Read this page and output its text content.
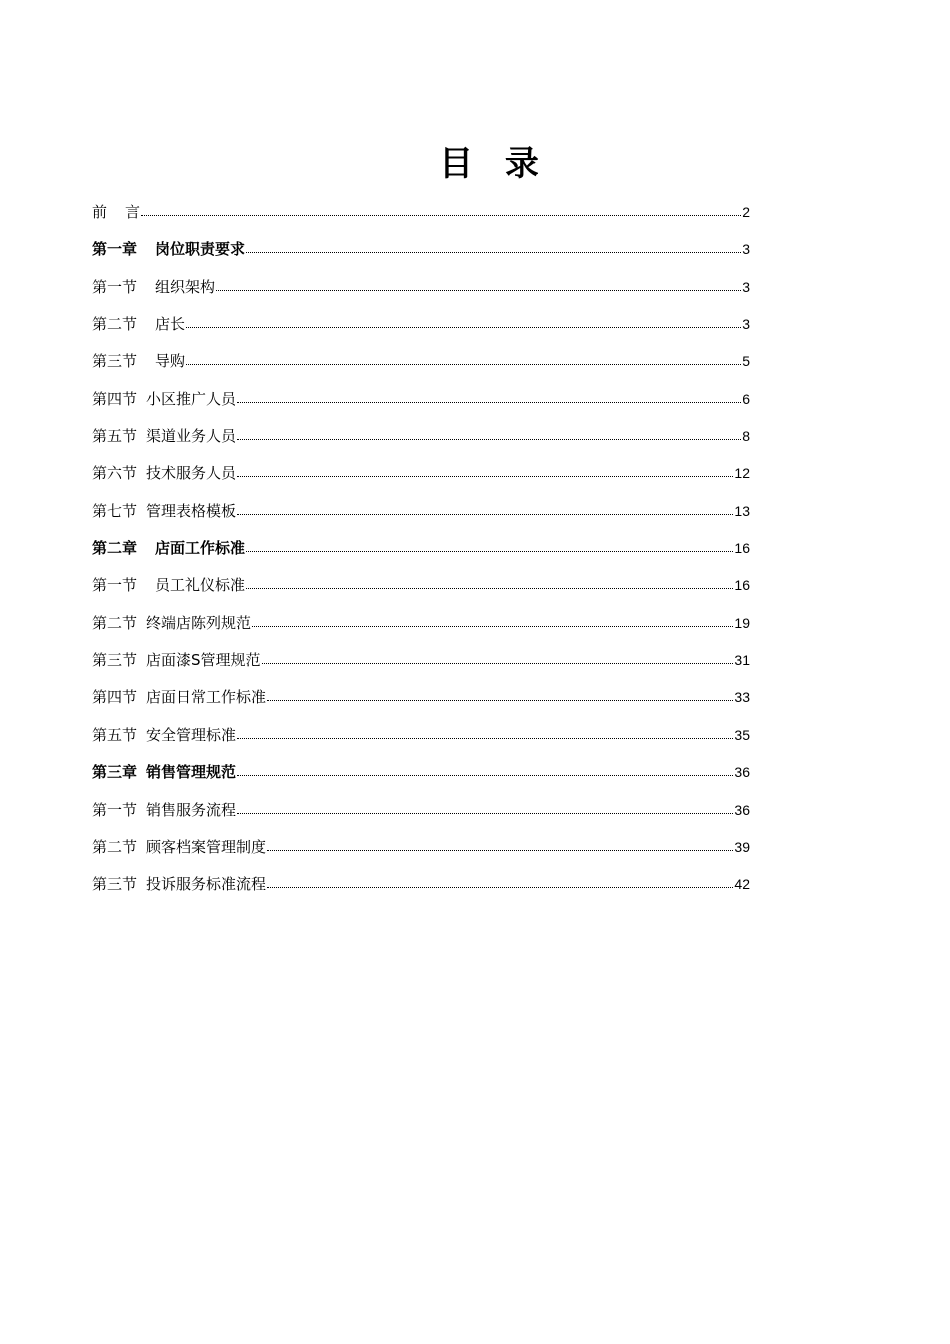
目 录
前 言	2
第一章 岗位职责要求	3
第一节 组织架构	3
第二节 店长	3
第三节 导购	5
第四节 小区推广人员	6
第五节 渠道业务人员	8
第六节 技术服务人员	12
第七节 管理表格模板	13
第二章 店面工作标准	16
第一节 员工礼仪标准	16
第二节 终端店陈列规范	19
第三节 店面漆S管理规范	31
第四节 店面日常工作标准	33
第五节 安全管理标准	35
第三章 销售管理规范	36
第一节 销售服务流程	36
第二节 顾客档案管理制度	39
第三节 投诉服务标准流程	42
